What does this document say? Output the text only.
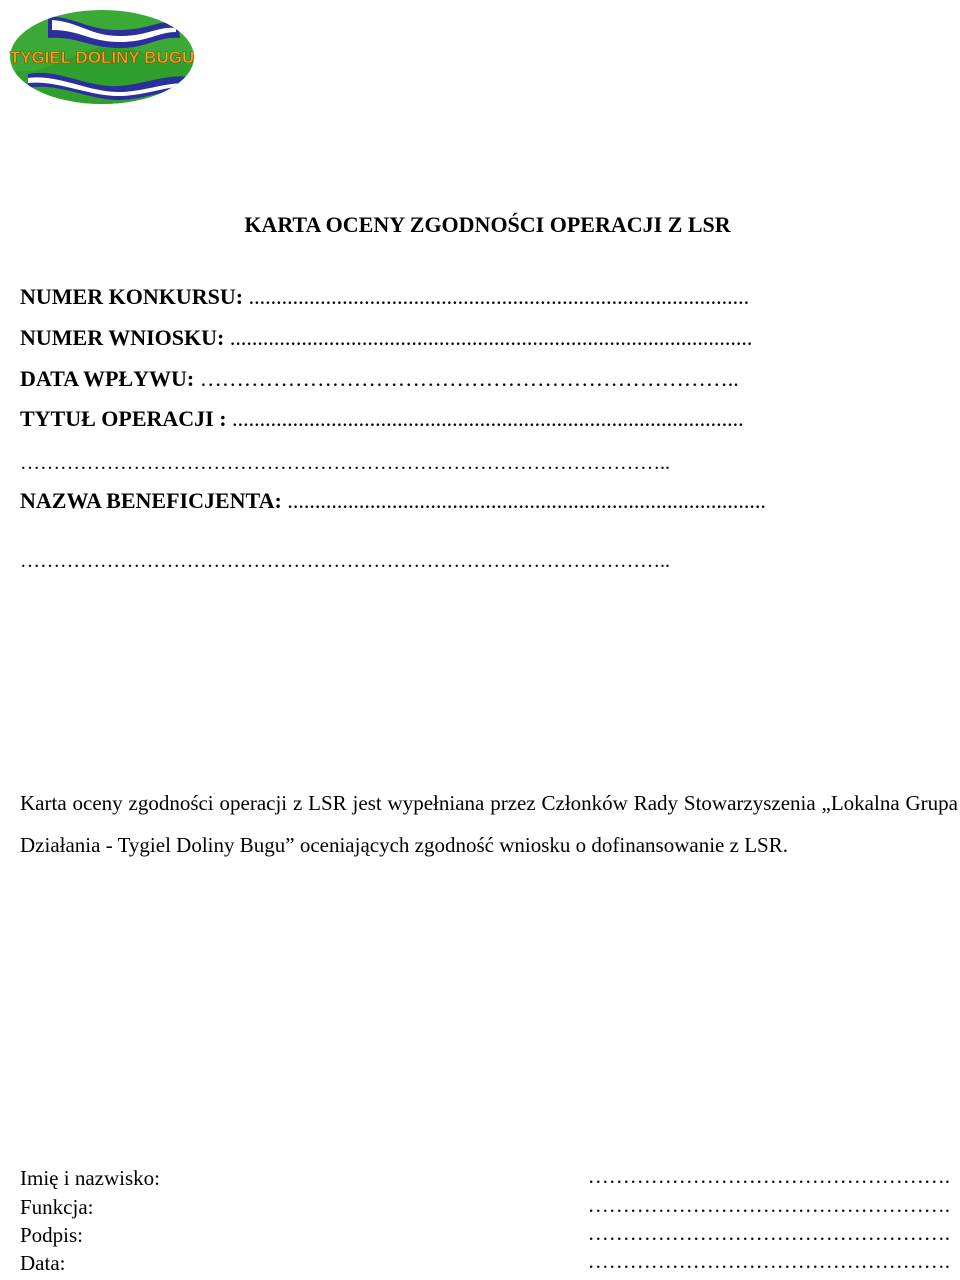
TYGIEL DOLINY BUGU
KARTA OCENY ZGODNOŚCI OPERACJI Z LSR
NUMER KONKURSU: ...........................................................................................
NUMER WNIOSKU: ...............................................................................................
DATA WPŁYWU: ………………………………………………………………..
TYTUŁ OPERACJI : .............................................................................................
……………………………………………………………………………………..
NAZWA BENEFICJENTA: .......................................................................................
……………………………………………………………………………………..
Karta oceny zgodności operacji z LSR jest wypełniana przez Członków Rady Stowarzyszenia „Lokalna Grupa Działania - Tygiel Doliny Bugu” oceniających zgodność wniosku o dofinansowanie z LSR.
Imię i nazwisko:	…………………………………………….
Funkcja:	…………………………………………….
Podpis:	…………………………………………….
Data:	…………………………………………….
